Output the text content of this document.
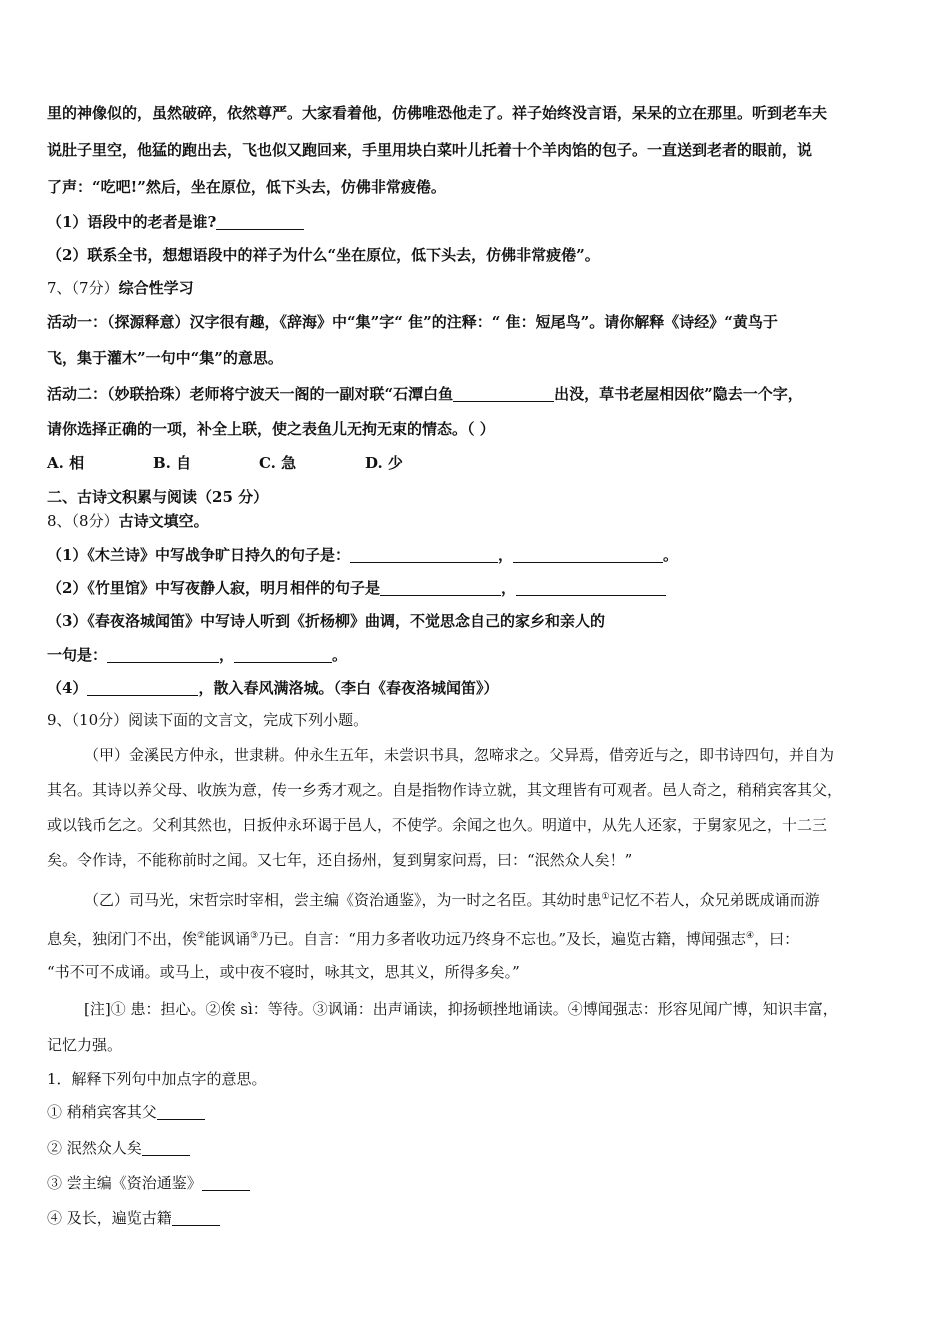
里的神像似的，虽然破碎，依然尊严。大家看着他，仿佛唯恐他走了。祥子始终没言语，呆呆的立在那里。听到老车夫
说肚子里空，他猛的跑出去，飞也似又跑回来，手里用块白菜叶儿托着十个羊肉馅的包子。一直送到老者的眼前，说
了声：“吃吧!”然后，坐在原位，低下头去，仿佛非常疲倦。
（1）语段中的老者是谁?
（2）联系全书，想想语段中的祥子为什么“坐在原位，低下头去，仿佛非常疲倦”。
7、（7分）综合性学习
活动一：（探源释意）汉字很有趣，《辞海》中“集”字“ 隹”的注释：“ 隹：短尾鸟”。请你解释《诗经》“黄鸟于
飞，集于灌木”一句中“集”的意思。
活动二：（妙联拾珠）老师将宁波天一阁的一副对联“石潭白鱼	出没，草书老屋相因依”隐去一个字，
请你选择正确的一项，补全上联，使之表鱼儿无拘无束的情态。（ ）
A. 相	B. 自	C. 急	D. 少
二、古诗文积累与阅读（25 分）
8、（8分）古诗文填空。
（1）《木兰诗》中写战争旷日持久的句子是：	，	。
（2）《竹里馆》中写夜静人寂，明月相伴的句子是	，
（3）《春夜洛城闻笛》中写诗人听到《折杨柳》曲调，不觉思念自己的家乡和亲人的
一句是：	，	。
（4）	，散入春风满洛城。（李白《春夜洛城闻笛》）
9、（10分）阅读下面的文言文，完成下列小题。
（甲）金溪民方仲永，世隶耕。仲永生五年，未尝识书具，忽啼求之。父异焉，借旁近与之，即书诗四句，并自为
其名。其诗以养父母、收族为意，传一乡秀才观之。自是指物作诗立就，其文理皆有可观者。邑人奇之，稍稍宾客其父，
或以钱币乞之。父利其然也，日扳仲永环谒于邑人，不使学。余闻之也久。明道中，从先人还家，于舅家见之，十二三
矣。令作诗，不能称前时之闻。又七年，还自扬州，复到舅家问焉，曰：“泯然众人矣！”
（乙）司马光，宋哲宗时宰相，尝主编《资治通鉴》，为一时之名臣。其幼时患①记忆不若人，众兄弟既成诵而游
息矣，独闭门不出，俟②能讽诵③乃已。自言：“用力多者收功远乃终身不忘也。”及长，遍览古籍，博闻强志④，曰：
“书不可不成诵。或马上，或中夜不寝时，咏其文，思其义，所得多矣。”
[注]① 患：担心。②俟 sì：等待。③讽诵：出声诵读，抑扬顿挫地诵读。④博闻强志：形容见闻广博，知识丰富，
记忆力强。
1．解释下列句中加点字的意思。
① 稍稍宾客其父
② 泯然众人矣
③ 尝主编《资治通鉴》
④ 及长，遍览古籍
